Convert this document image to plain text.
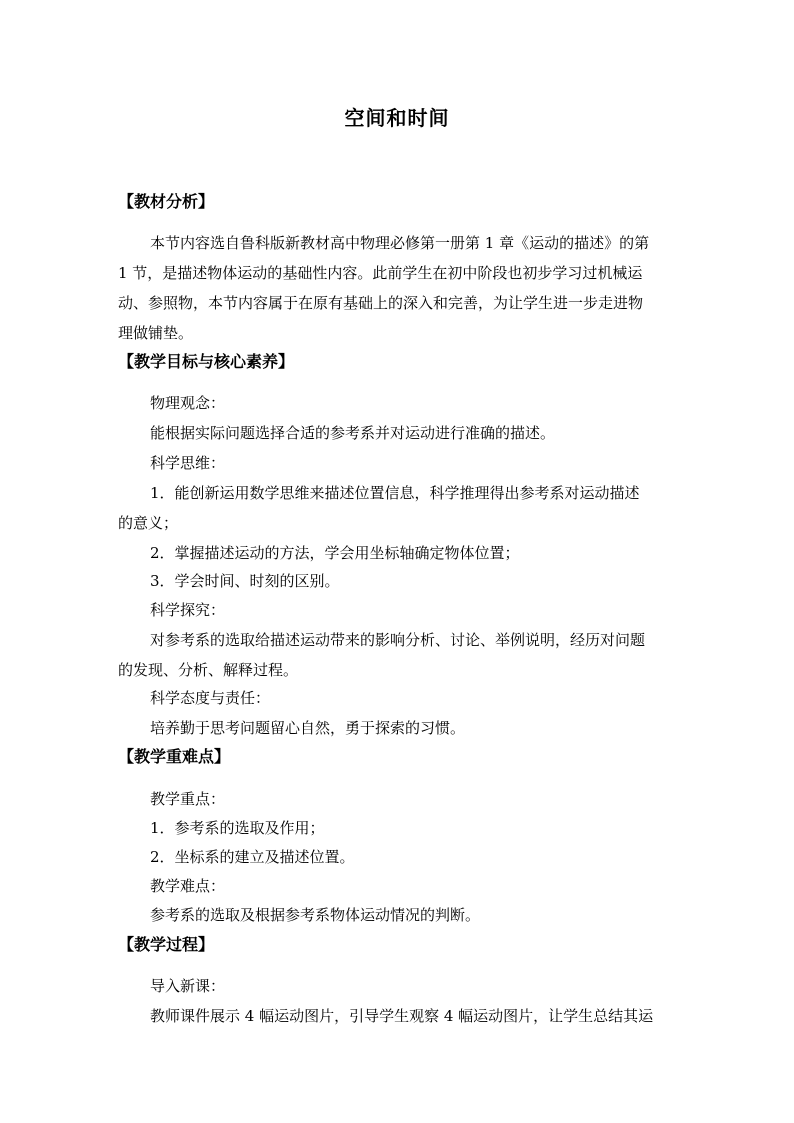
空间和时间
【教材分析】
本节内容选自鲁科版新教材高中物理必修第一册第 1 章《运动的描述》的第
1 节，是描述物体运动的基础性内容。此前学生在初中阶段也初步学习过机械运
动、参照物，本节内容属于在原有基础上的深入和完善，为让学生进一步走进物
理做铺垫。
【教学目标与核心素养】
物理观念：
能根据实际问题选择合适的参考系并对运动进行准确的描述。
科学思维：
1．能创新运用数学思维来描述位置信息，科学推理得出参考系对运动描述
的意义；
2．掌握描述运动的方法，学会用坐标轴确定物体位置；
3．学会时间、时刻的区别。
科学探究：
对参考系的选取给描述运动带来的影响分析、讨论、举例说明，经历对问题
的发现、分析、解释过程。
科学态度与责任：
培养勤于思考问题留心自然，勇于探索的习惯。
【教学重难点】
教学重点：
1．参考系的选取及作用；
2．坐标系的建立及描述位置。
教学难点：
参考系的选取及根据参考系物体运动情况的判断。
【教学过程】
导入新课：
教师课件展示 4 幅运动图片，引导学生观察 4 幅运动图片，让学生总结其运
